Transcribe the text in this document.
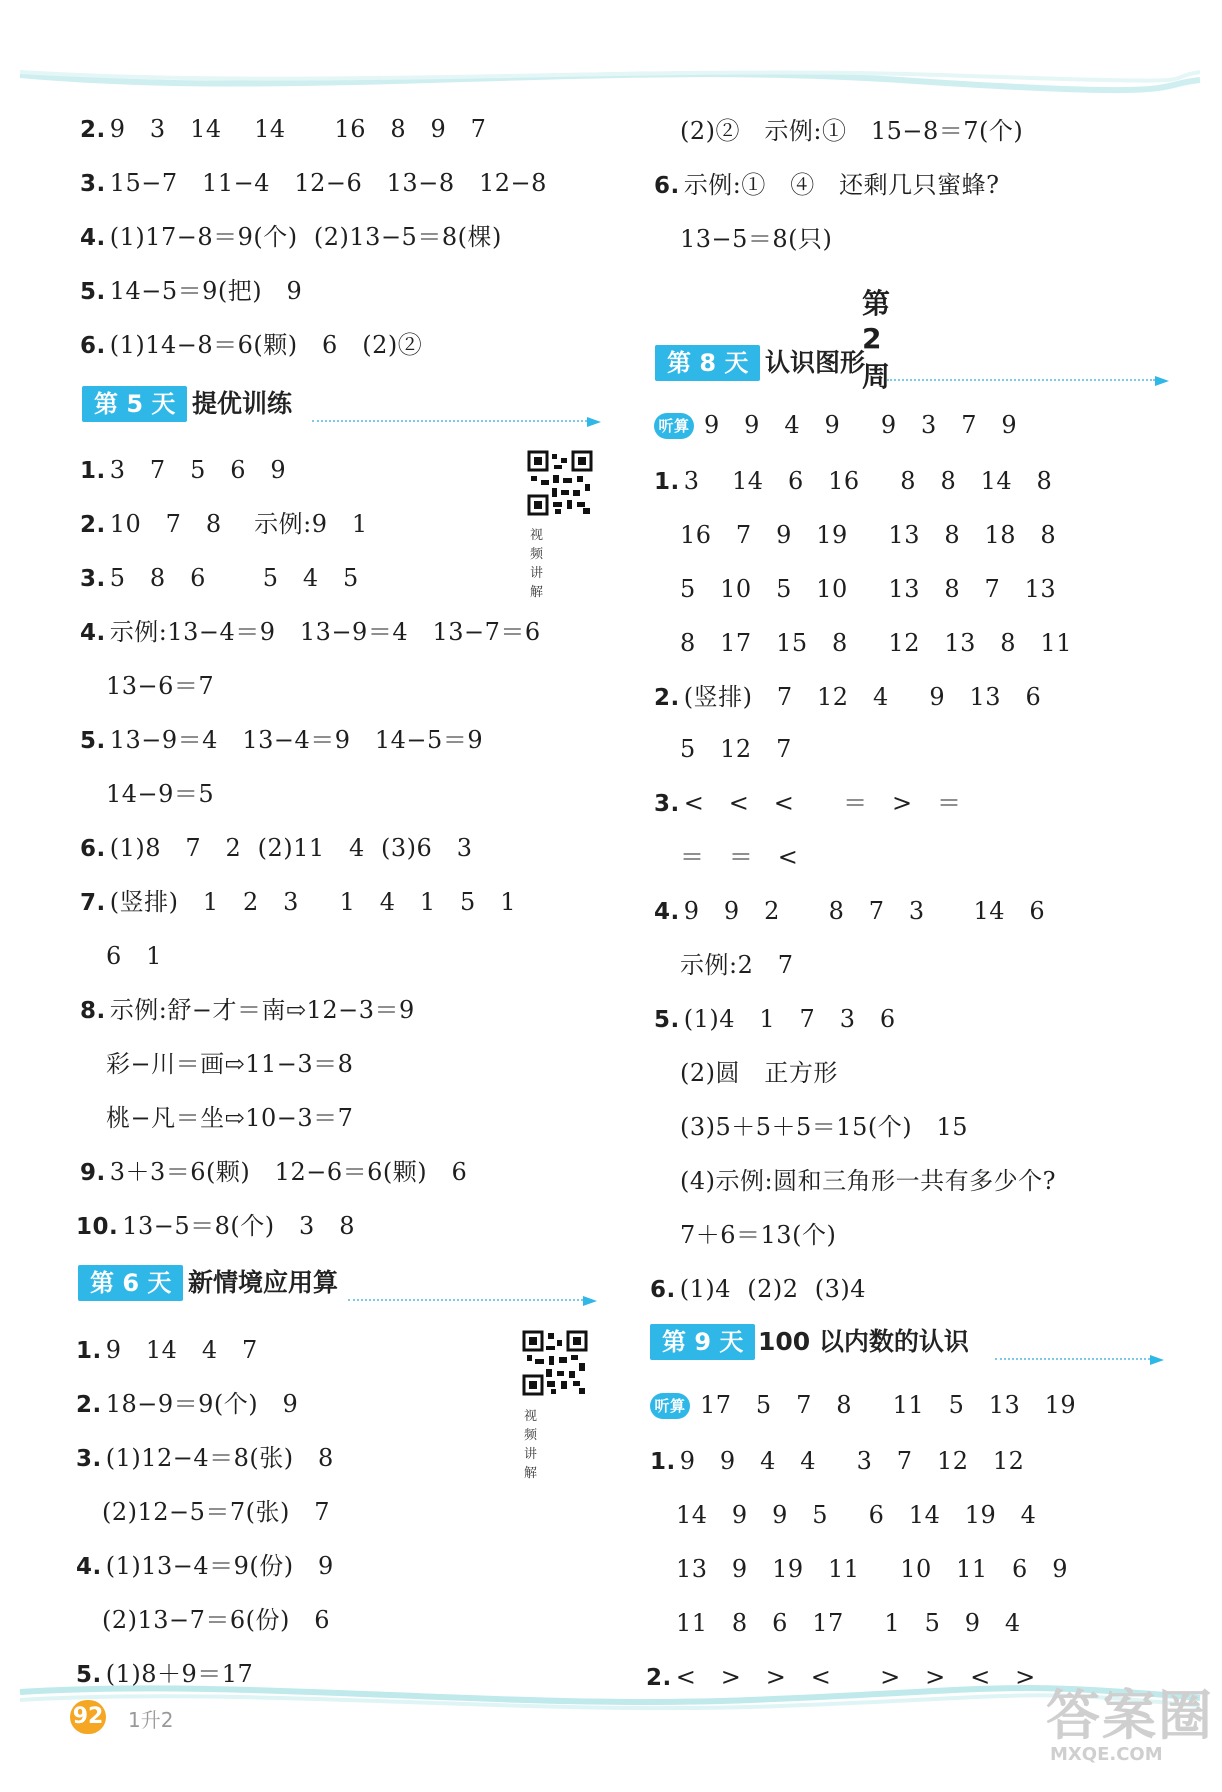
2. 9   3   14    14      16   8   9   7
3. 15−7   11−4   12−6   13−8   12−8
4. (1)17−8＝9(个)  (2)13−5＝8(棵)
5. 14−5＝9(把)   9
6. (1)14−8＝6(颗)   6   (2)②
第 5 天 提优训练
视频讲解
1. 3   7   5   6   9
2. 10   7   8    示例:9   1
3. 5   8   6       5   4   5
4. 示例:13−4＝9   13−9＝4   13−7＝6
13−6＝7
5. 13−9＝4   13−4＝9   14−5＝9
14−9＝5
6. (1)8   7   2  (2)11   4  (3)6   3
7. (竖排)   1   2   3     1   4   1   5   1
6   1
8. 示例:舒−才＝南⇨12−3＝9
彩−川＝画⇨11−3＝8
桃−凡＝坐⇨10−3＝7
9. 3＋3＝6(颗)   12−6＝6(颗)   6
10. 13−5＝8(个)   3   8
第 6 天 新情境应用算
视频讲解
1. 9   14   4   7
2. 18−9＝9(个)   9
3. (1)12−4＝8(张)   8
(2)12−5＝7(张)   7
4. (1)13−4＝9(份)   9
(2)13−7＝6(份)   6
5. (1)8＋9＝17
(2)②   示例:①   15−8＝7(个)
6. 示例:①   ④   还剩几只蜜蜂?
13−5＝8(只)
第 2 周
第 8 天 认识图形
听算 9   9   4   9     9   3   7   9
1. 3    14   6   16     8   8   14   8
16   7   9   19     13   8   18   8
5   10   5   10     13   8   7   13
8   17   15   8     12   13   8   11
2. (竖排)   7   12   4     9   13   6
5   12   7
3. <   <   <      ＝   >   ＝
＝   ＝   <
4. 9   9   2      8   7   3      14   6
示例:2   7
5. (1)4   1   7   3   6
(2)圆   正方形
(3)5＋5＋5＝15(个)   15
(4)示例:圆和三角形一共有多少个?
7＋6＝13(个)
6. (1)4  (2)2  (3)4
第 9 天 100 以内数的认识
听算 17   5   7   8     11   5   13   19
1. 9   9   4   4     3   7   12   12
14   9   9   5     6   14   19   4
13   9   19   11     10   11   6   9
11   8   6   17     1   5   9   4
2. <   >   >   <      >   >   <   >
92 1升2	答案圈
MXQE.COM
